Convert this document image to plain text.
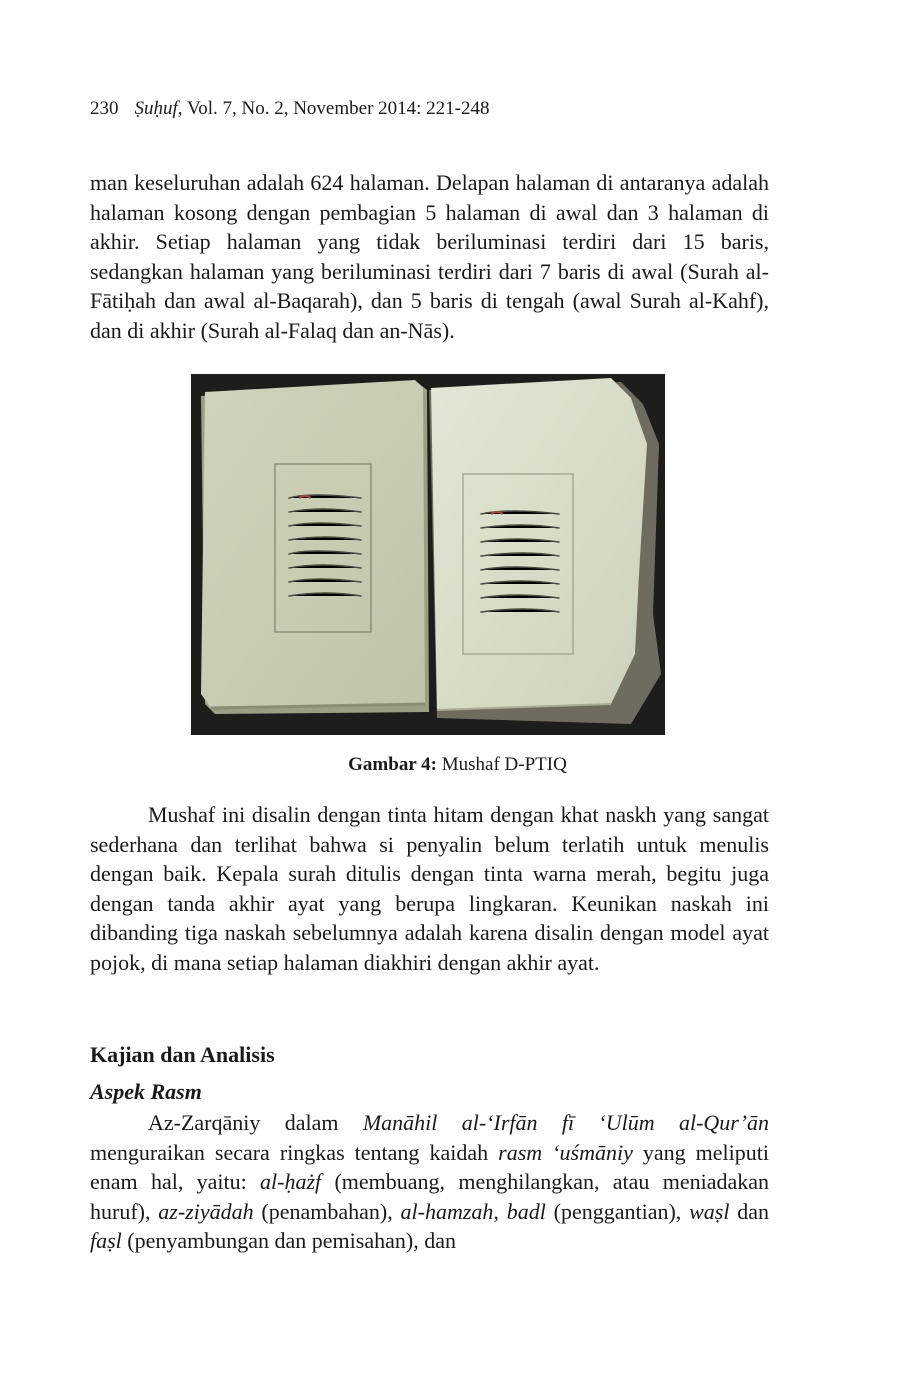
230 Ṣuḥuf, Vol. 7, No. 2, November 2014: 221-248

man keseluruhan adalah 624 halaman. Delapan halaman di antaranya adalah halaman kosong dengan pembagian 5 halaman di awal dan 3 halaman di akhir. Setiap halaman yang tidak beriluminasi terdiri dari 15 baris, sedangkan halaman yang beriluminasi terdiri dari 7 baris di awal (Surah al-Fātiḥah dan awal al-Baqarah), dan 5 baris di tengah (awal Surah al-Kahf), dan di akhir (Surah al-Falaq dan an-Nās).

Gambar 4: Mushaf D-PTIQ

Mushaf ini disalin dengan tinta hitam dengan khat naskh yang sangat sederhana dan terlihat bahwa si penyalin belum terlatih untuk menulis dengan baik. Kepala surah ditulis dengan tinta warna merah, begitu juga dengan tanda akhir ayat yang berupa lingkaran. Keunikan naskah ini dibanding tiga naskah sebelumnya adalah karena disalin dengan model ayat pojok, di mana setiap halaman diakhiri dengan akhir ayat.

Kajian dan Analisis
Aspek Rasm

Az-Zarqāniy dalam Manāhil al-‘Irfān fī ‘Ulūm al-Qur’ān menguraikan secara ringkas tentang kaidah rasm ‘uśmāniy yang meliputi enam hal, yaitu: al-ḥażf (membuang, menghilangkan, atau meniadakan huruf), az-ziyādah (penambahan), al-hamzah, badl (penggantian), waṣl dan faṣl (penyambungan dan pemisahan), dan
